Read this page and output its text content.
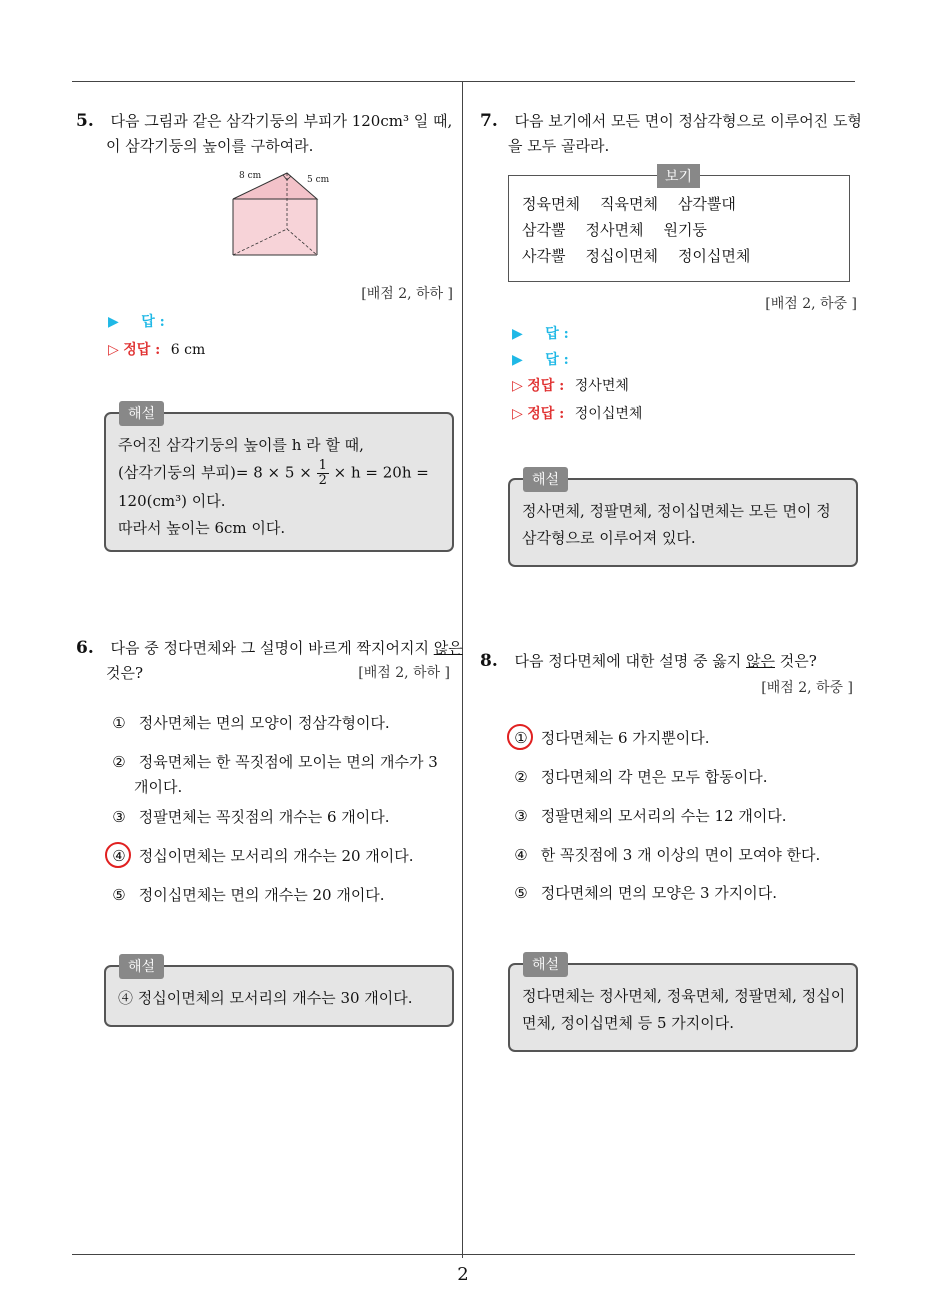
2
5. 다음 그림과 같은 삼각기둥의 부피가 120cm³ 일 때,
이 삼각기둥의 높이를 구하여라.
8 cm	5 cm
[배점 2, 하하 ]
▶ 답 :
▷ 정답 : 6 cm
주어진 삼각기둥의 높이를 h 라 할 때,
(삼각기둥의 부피)= $8 \times 5 \times \frac{1}{2} \times h = 20h$ =
120(cm³) 이다.
따라서 높이는 6cm 이다.
해설
6. 다음 중 정다면체와 그 설명이 바르게 짝지어지지 않은
것은?	[배점 2, 하하 ]
① 정사면체는 면의 모양이 정삼각형이다.
② 정육면체는 한 꼭짓점에 모이는 면의 개수가 3
개이다.
③ 정팔면체는 꼭짓점의 개수는 6 개이다.
④ 정십이면체는 모서리의 개수는 20 개이다.
⑤ 정이십면체는 면의 개수는 20 개이다.
④ 정십이면체의 모서리의 개수는 30 개이다.
해설
7. 다음 보기에서 모든 면이 정삼각형으로 이루어진 도형
을 모두 골라라.
정육면체 직육면체 삼각뿔대
삼각뿔 정사면체 원기둥
사각뿔 정십이면체 정이십면체
보기
[배점 2, 하중 ]
▶ 답 :
▶ 답 :
▷ 정답 : 정사면체
▷ 정답 : 정이십면체
정사면체, 정팔면체, 정이십면체는 모든 면이 정
삼각형으로 이루어져 있다.
해설
8. 다음 정다면체에 대한 설명 중 옳지 않은 것은?
[배점 2, 하중 ]
① 정다면체는 6 가지뿐이다.
② 정다면체의 각 면은 모두 합동이다.
③ 정팔면체의 모서리의 수는 12 개이다.
④ 한 꼭짓점에 3 개 이상의 면이 모여야 한다.
⑤ 정다면체의 면의 모양은 3 가지이다.
정다면체는 정사면체, 정육면체, 정팔면체, 정십이
면체, 정이십면체 등 5 가지이다.
해설
